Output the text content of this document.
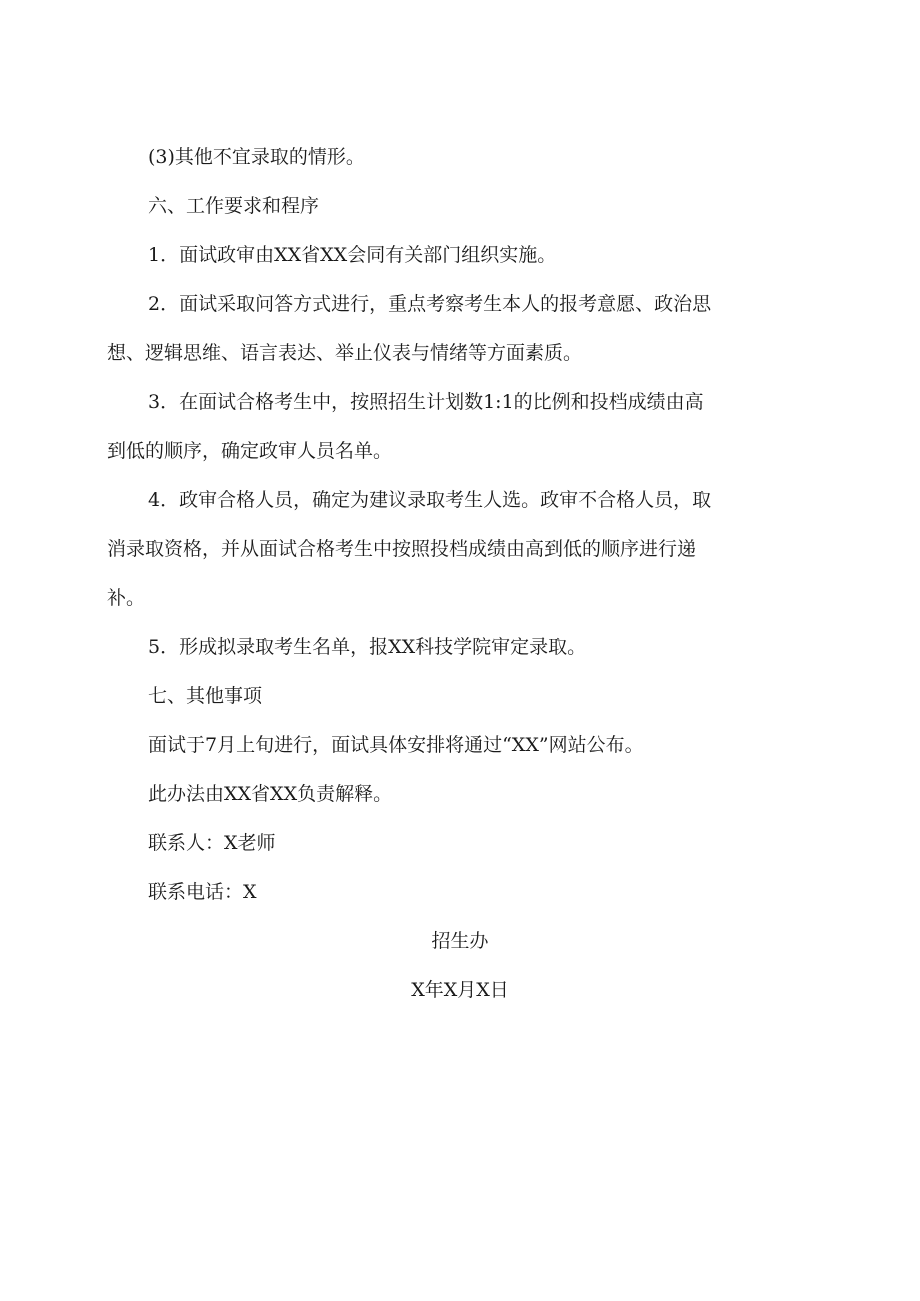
(3)其他不宜录取的情形。

六、工作要求和程序

1．面试政审由XX省XX会同有关部门组织实施。

2．面试采取问答方式进行，重点考察考生本人的报考意愿、政治思

想、逻辑思维、语言表达、举止仪表与情绪等方面素质。

3．在面试合格考生中，按照招生计划数1:1的比例和投档成绩由高

到低的顺序，确定政审人员名单。

4．政审合格人员，确定为建议录取考生人选。政审不合格人员，取

消录取资格，并从面试合格考生中按照投档成绩由高到低的顺序进行递

补。

5．形成拟录取考生名单，报XX科技学院审定录取。

七、其他事项

面试于7月上旬进行，面试具体安排将通过“XX”网站公布。

此办法由XX省XX负责解释。

联系人：X老师

联系电话：X

招生办

X年X月X日
